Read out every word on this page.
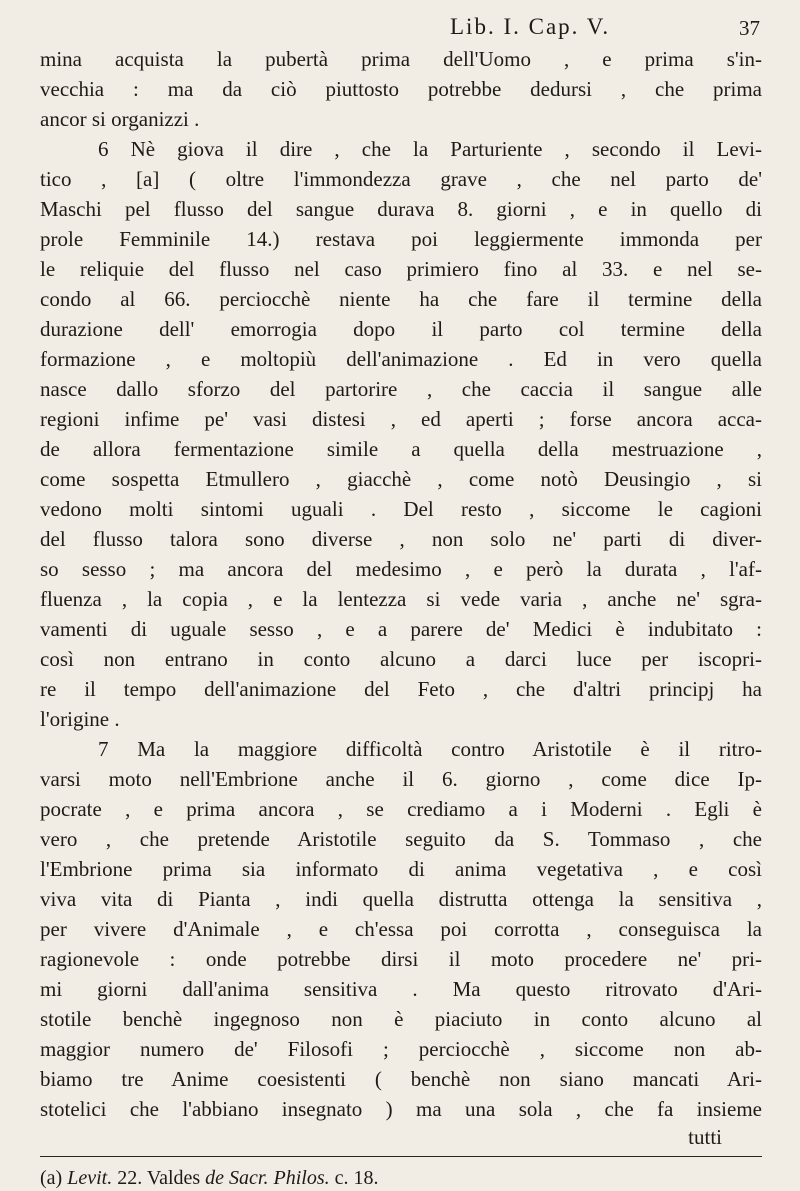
Lib. I. Cap. V.	37
mina acquista la pubertà prima dell'Uomo , e prima s'in-
vecchia : ma da ciò piuttosto potrebbe dedursi , che prima
ancor si organizzi .
6 Nè giova il dire , che la Parturiente , secondo il Levi-
tico , [a] ( oltre l'immondezza grave , che nel parto de'
Maschi pel flusso del sangue durava 8. giorni , e in quello di
prole Femminile 14.) restava poi leggiermente immonda per
le reliquie del flusso nel caso primiero fino al 33. e nel se-
condo al 66. perciocchè niente ha che fare il termine della
durazione dell' emorrogia dopo il parto col termine della
formazione , e moltopiù dell'animazione . Ed in vero quella
nasce dallo sforzo del partorire , che caccia il sangue alle
regioni infime pe' vasi distesi , ed aperti ; forse ancora acca-
de allora fermentazione simile a quella della mestruazione ,
come sospetta Etmullero , giacchè , come notò Deusingio , si
vedono molti sintomi uguali . Del resto , siccome le cagioni
del flusso talora sono diverse , non solo ne' parti di diver-
so sesso ; ma ancora del medesimo , e però la durata , l'af-
fluenza , la copia , e la lentezza si vede varia , anche ne' sgra-
vamenti di uguale sesso , e a parere de' Medici è indubitato :
così non entrano in conto alcuno a darci luce per iscopri-
re il tempo dell'animazione del Feto , che d'altri principj ha
l'origine .
7 Ma la maggiore difficoltà contro Aristotile è il ritro-
varsi moto nell'Embrione anche il 6. giorno , come dice Ip-
pocrate , e prima ancora , se crediamo a i Moderni . Egli è
vero , che pretende Aristotile seguito da S. Tommaso , che
l'Embrione prima sia informato di anima vegetativa , e così
viva vita di Pianta , indi quella distrutta ottenga la sensitiva ,
per vivere d'Animale , e ch'essa poi corrotta , conseguisca la
ragionevole : onde potrebbe dirsi il moto procedere ne' pri-
mi giorni dall'anima sensitiva . Ma questo ritrovato d'Ari-
stotile benchè ingegnoso non è piaciuto in conto alcuno al
maggior numero de' Filosofi ; perciocchè , siccome non ab-
biamo tre Anime coesistenti ( benchè non siano mancati Ari-
stotelici che l'abbiano insegnato ) ma una sola , che fa insieme
tutti
(a) Levit. 22. Valdes de Sacr. Philos. c. 18.
